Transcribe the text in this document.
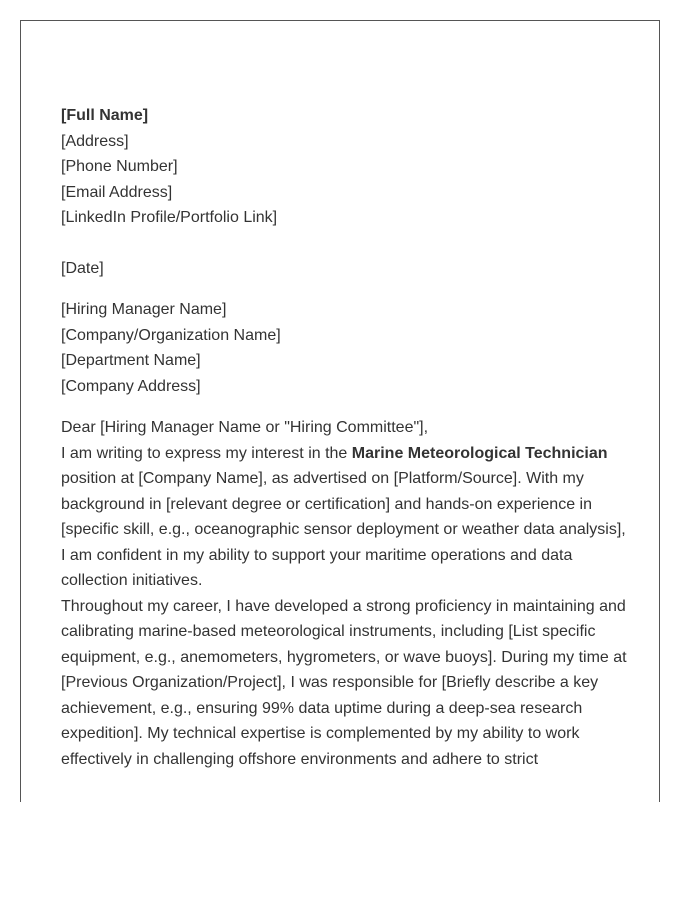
[Full Name]
[Address]
[Phone Number]
[Email Address]
[LinkedIn Profile/Portfolio Link]
[Date]
[Hiring Manager Name]
[Company/Organization Name]
[Department Name]
[Company Address]
Dear [Hiring Manager Name or "Hiring Committee"],

I am writing to express my interest in the Marine Meteorological Technician position at [Company Name], as advertised on [Platform/Source]. With my background in [relevant degree or certification] and hands-on experience in [specific skill, e.g., oceanographic sensor deployment or weather data analysis], I am confident in my ability to support your maritime operations and data collection initiatives.

Throughout my career, I have developed a strong proficiency in maintaining and calibrating marine-based meteorological instruments, including [List specific equipment, e.g., anemometers, hygrometers, or wave buoys]. During my time at [Previous Organization/Project], I was responsible for [Briefly describe a key achievement, e.g., ensuring 99% data uptime during a deep-sea research expedition]. My technical expertise is complemented by my ability to work effectively in challenging offshore environments and adhere to strict
